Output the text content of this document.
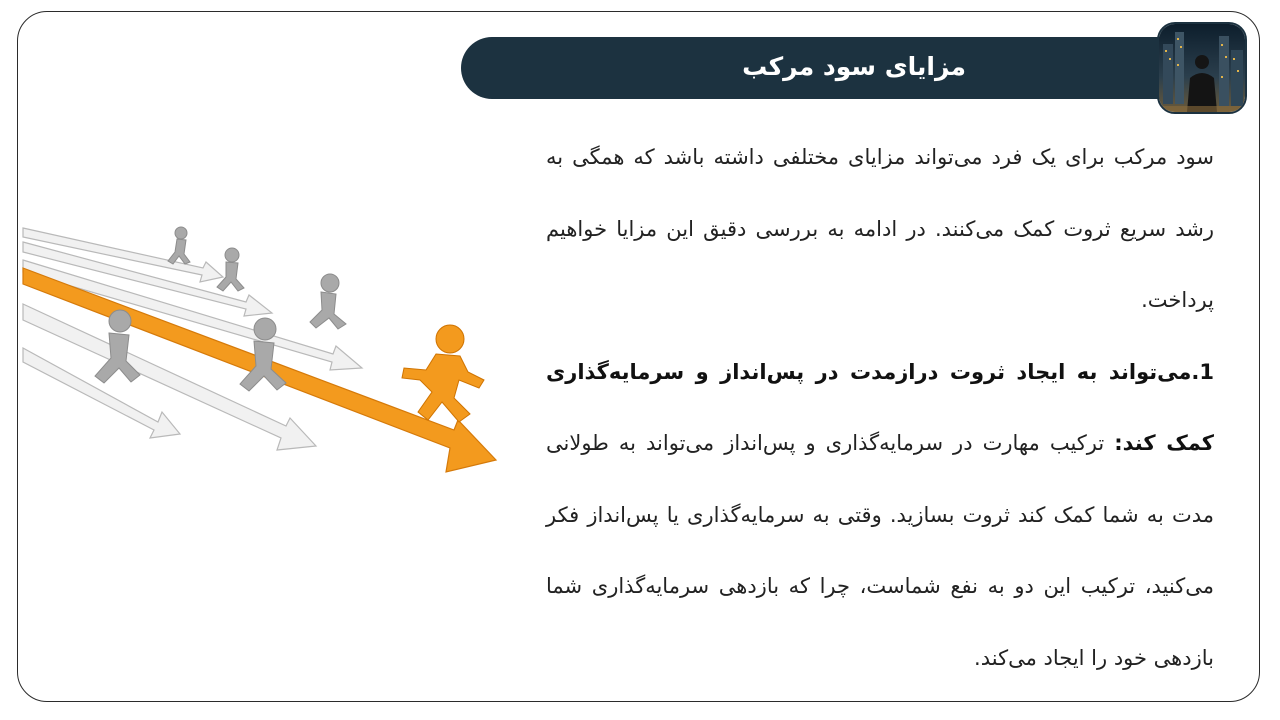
مزایای سود مرکب

سود مرکب برای یک فرد می‌تواند مزایای مختلفی داشته باشد که همگی به رشد سریع ثروت کمک می‌کنند. در ادامه به بررسی دقیق این مزایا خواهیم پرداخت.

1.می‌تواند به ایجاد ثروت درازمدت در پس‌انداز و سرمایه‌گذاری کمک کند: ترکیب مهارت در سرمایه‌گذاری و پس‌انداز می‌تواند به طولانی مدت به شما کمک کند ثروت بسازید. وقتی به سرمایه‌گذاری یا پس‌انداز فکر می‌کنید، ترکیب این دو به نفع شماست، چرا که بازدهی سرمایه‌گذاری شما بازدهی خود را ایجاد می‌کند.
